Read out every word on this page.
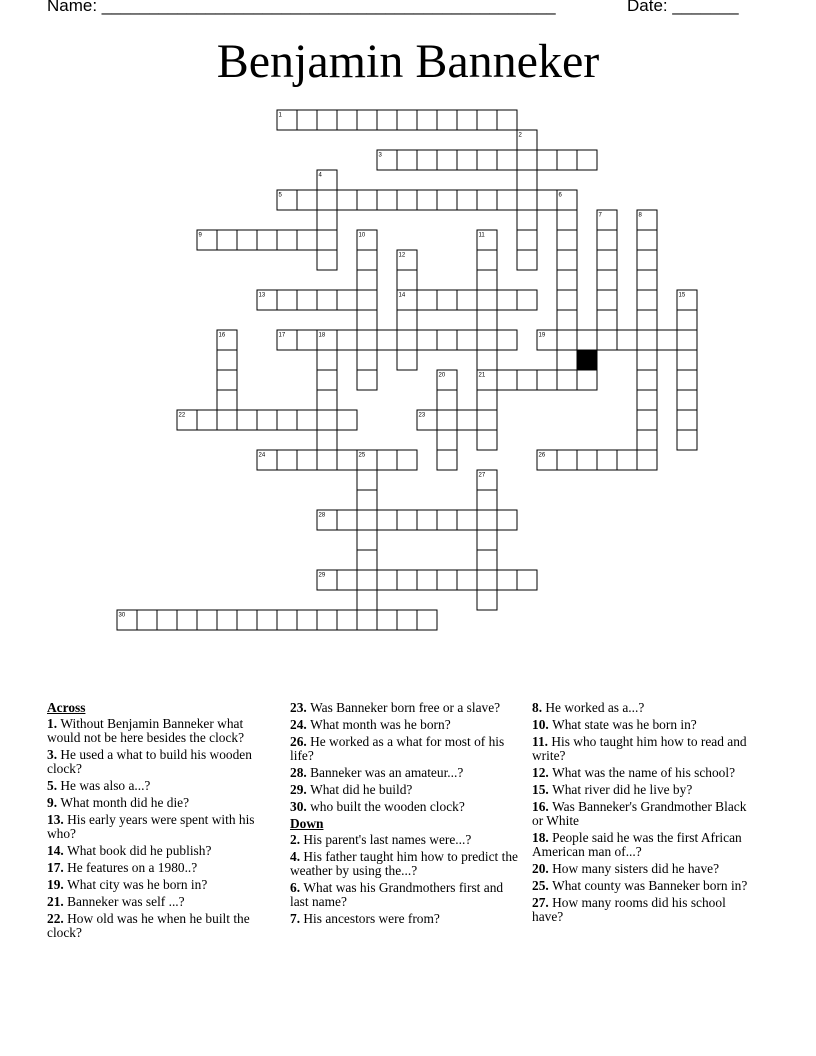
Name: ________________________________________________	Date: _______
Benjamin Banneker
1
2
3
4
5	6
7	8
9	10	11
12
13	14	15
16	17	18	19
20	21
22	23
24	25	26
27
28
29
30
Across
1. Without Benjamin Banneker what would not be here besides the clock?
3. He used a what to build his wooden clock?
5. He was also a...?
9. What month did he die?
13. His early years were spent with his who?
14. What book did he publish?
17. He features on a 1980..?
19. What city was he born in?
21. Banneker was self ...?
22. How old was he when he built the clock?
23. Was Banneker born free or a slave?
24. What month was he born?
26. He worked as a what for most of his life?
28. Banneker was an amateur...?
29. What did he build?
30. who built the wooden clock?
Down
2. His parent's last names were...?
4. His father taught him how to predict the weather by using the...?
6. What was his Grandmothers first and last name?
7. His ancestors were from?
8. He worked as a...?
10. What state was he born in?
11. His who taught him how to read and write?
12. What was the name of his school?
15. What river did he live by?
16. Was Banneker's Grandmother Black or White
18. People said he was the first African American man of...?
20. How many sisters did he have?
25. What county was Banneker born in?
27. How many rooms did his school have?
